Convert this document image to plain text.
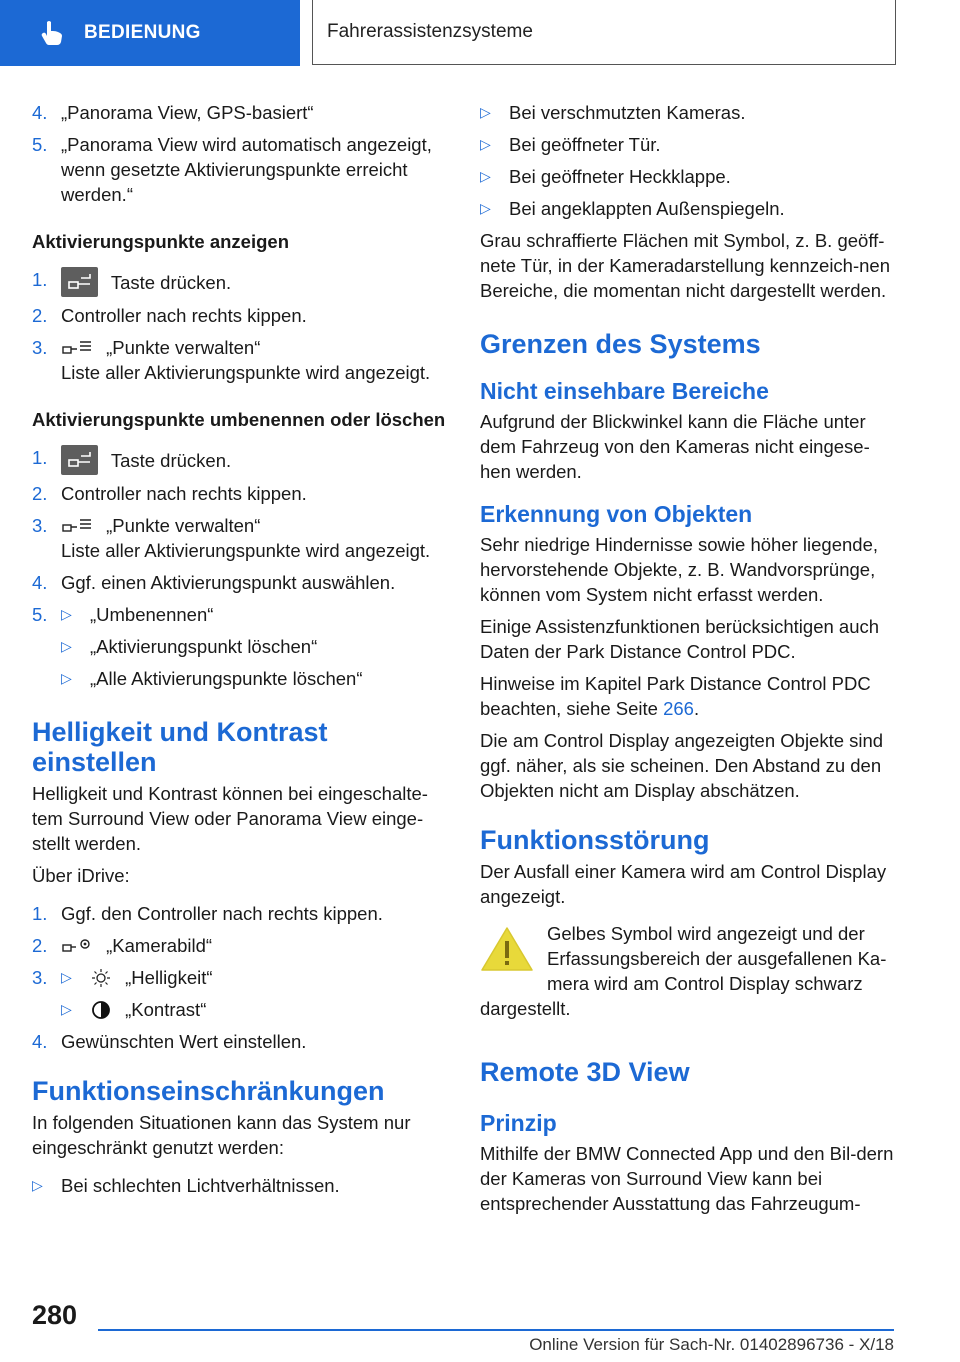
BEDIENUNG	Fahrerassistenzsysteme
4. „Panorama View, GPS-basiert“
5. „Panorama View wird automatisch angezeigt, wenn gesetzte Aktivierungspunkte erreicht werden.“
Aktivierungspunkte anzeigen
1.	Taste drücken.
2. Controller nach rechts kippen.
3.	„Punkte verwalten“
Liste aller Aktivierungspunkte wird angezeigt.
Aktivierungspunkte umbenennen oder löschen
1.	Taste drücken.
2. Controller nach rechts kippen.
3.	„Punkte verwalten“
Liste aller Aktivierungspunkte wird angezeigt.
4. Ggf. einen Aktivierungspunkt auswählen.
5. ▷ „Umbenennen“
▷ „Aktivierungspunkt löschen“
▷ „Alle Aktivierungspunkte löschen“
Helligkeit und Kontrast einstellen
Helligkeit und Kontrast können bei eingeschalte-tem Surround View oder Panorama View einge-stellt werden.
Über iDrive:
1. Ggf. den Controller nach rechts kippen.
2.	„Kamerabild“
3. ▷	„Helligkeit“
▷	„Kontrast“
4. Gewünschten Wert einstellen.
Funktionseinschränkungen
In folgenden Situationen kann das System nur eingeschränkt genutzt werden:
▷ Bei schlechten Lichtverhältnissen.
▷ Bei verschmutzten Kameras.
▷ Bei geöffneter Tür.
▷ Bei geöffneter Heckklappe.
▷ Bei angeklappten Außenspiegeln.
Grau schraffierte Flächen mit Symbol, z. B. geöff-nete Tür, in der Kameradarstellung kennzeich-nen Bereiche, die momentan nicht dargestellt werden.
Grenzen des Systems
Nicht einsehbare Bereiche
Aufgrund der Blickwinkel kann die Fläche unter dem Fahrzeug von den Kameras nicht eingese-hen werden.
Erkennung von Objekten
Sehr niedrige Hindernisse sowie höher liegende, hervorstehende Objekte, z. B. Wandvorsprünge, können vom System nicht erfasst werden.
Einige Assistenzfunktionen berücksichtigen auch Daten der Park Distance Control PDC.
Hinweise im Kapitel Park Distance Control PDC beachten, siehe Seite 266.
Die am Control Display angezeigten Objekte sind ggf. näher, als sie scheinen. Den Abstand zu den Objekten nicht am Display abschätzen.
Funktionsstörung
Der Ausfall einer Kamera wird am Control Display angezeigt.
Gelbes Symbol wird angezeigt und der Erfassungsbereich der ausgefallenen Ka-mera wird am Control Display schwarz
dargestellt.
Remote 3D View
Prinzip
Mithilfe der BMW Connected App und den Bil-dern der Kameras von Surround View kann bei entsprechender Ausstattung das Fahrzeugum-
280
Online Version für Sach-Nr. 01402896736 - X/18
